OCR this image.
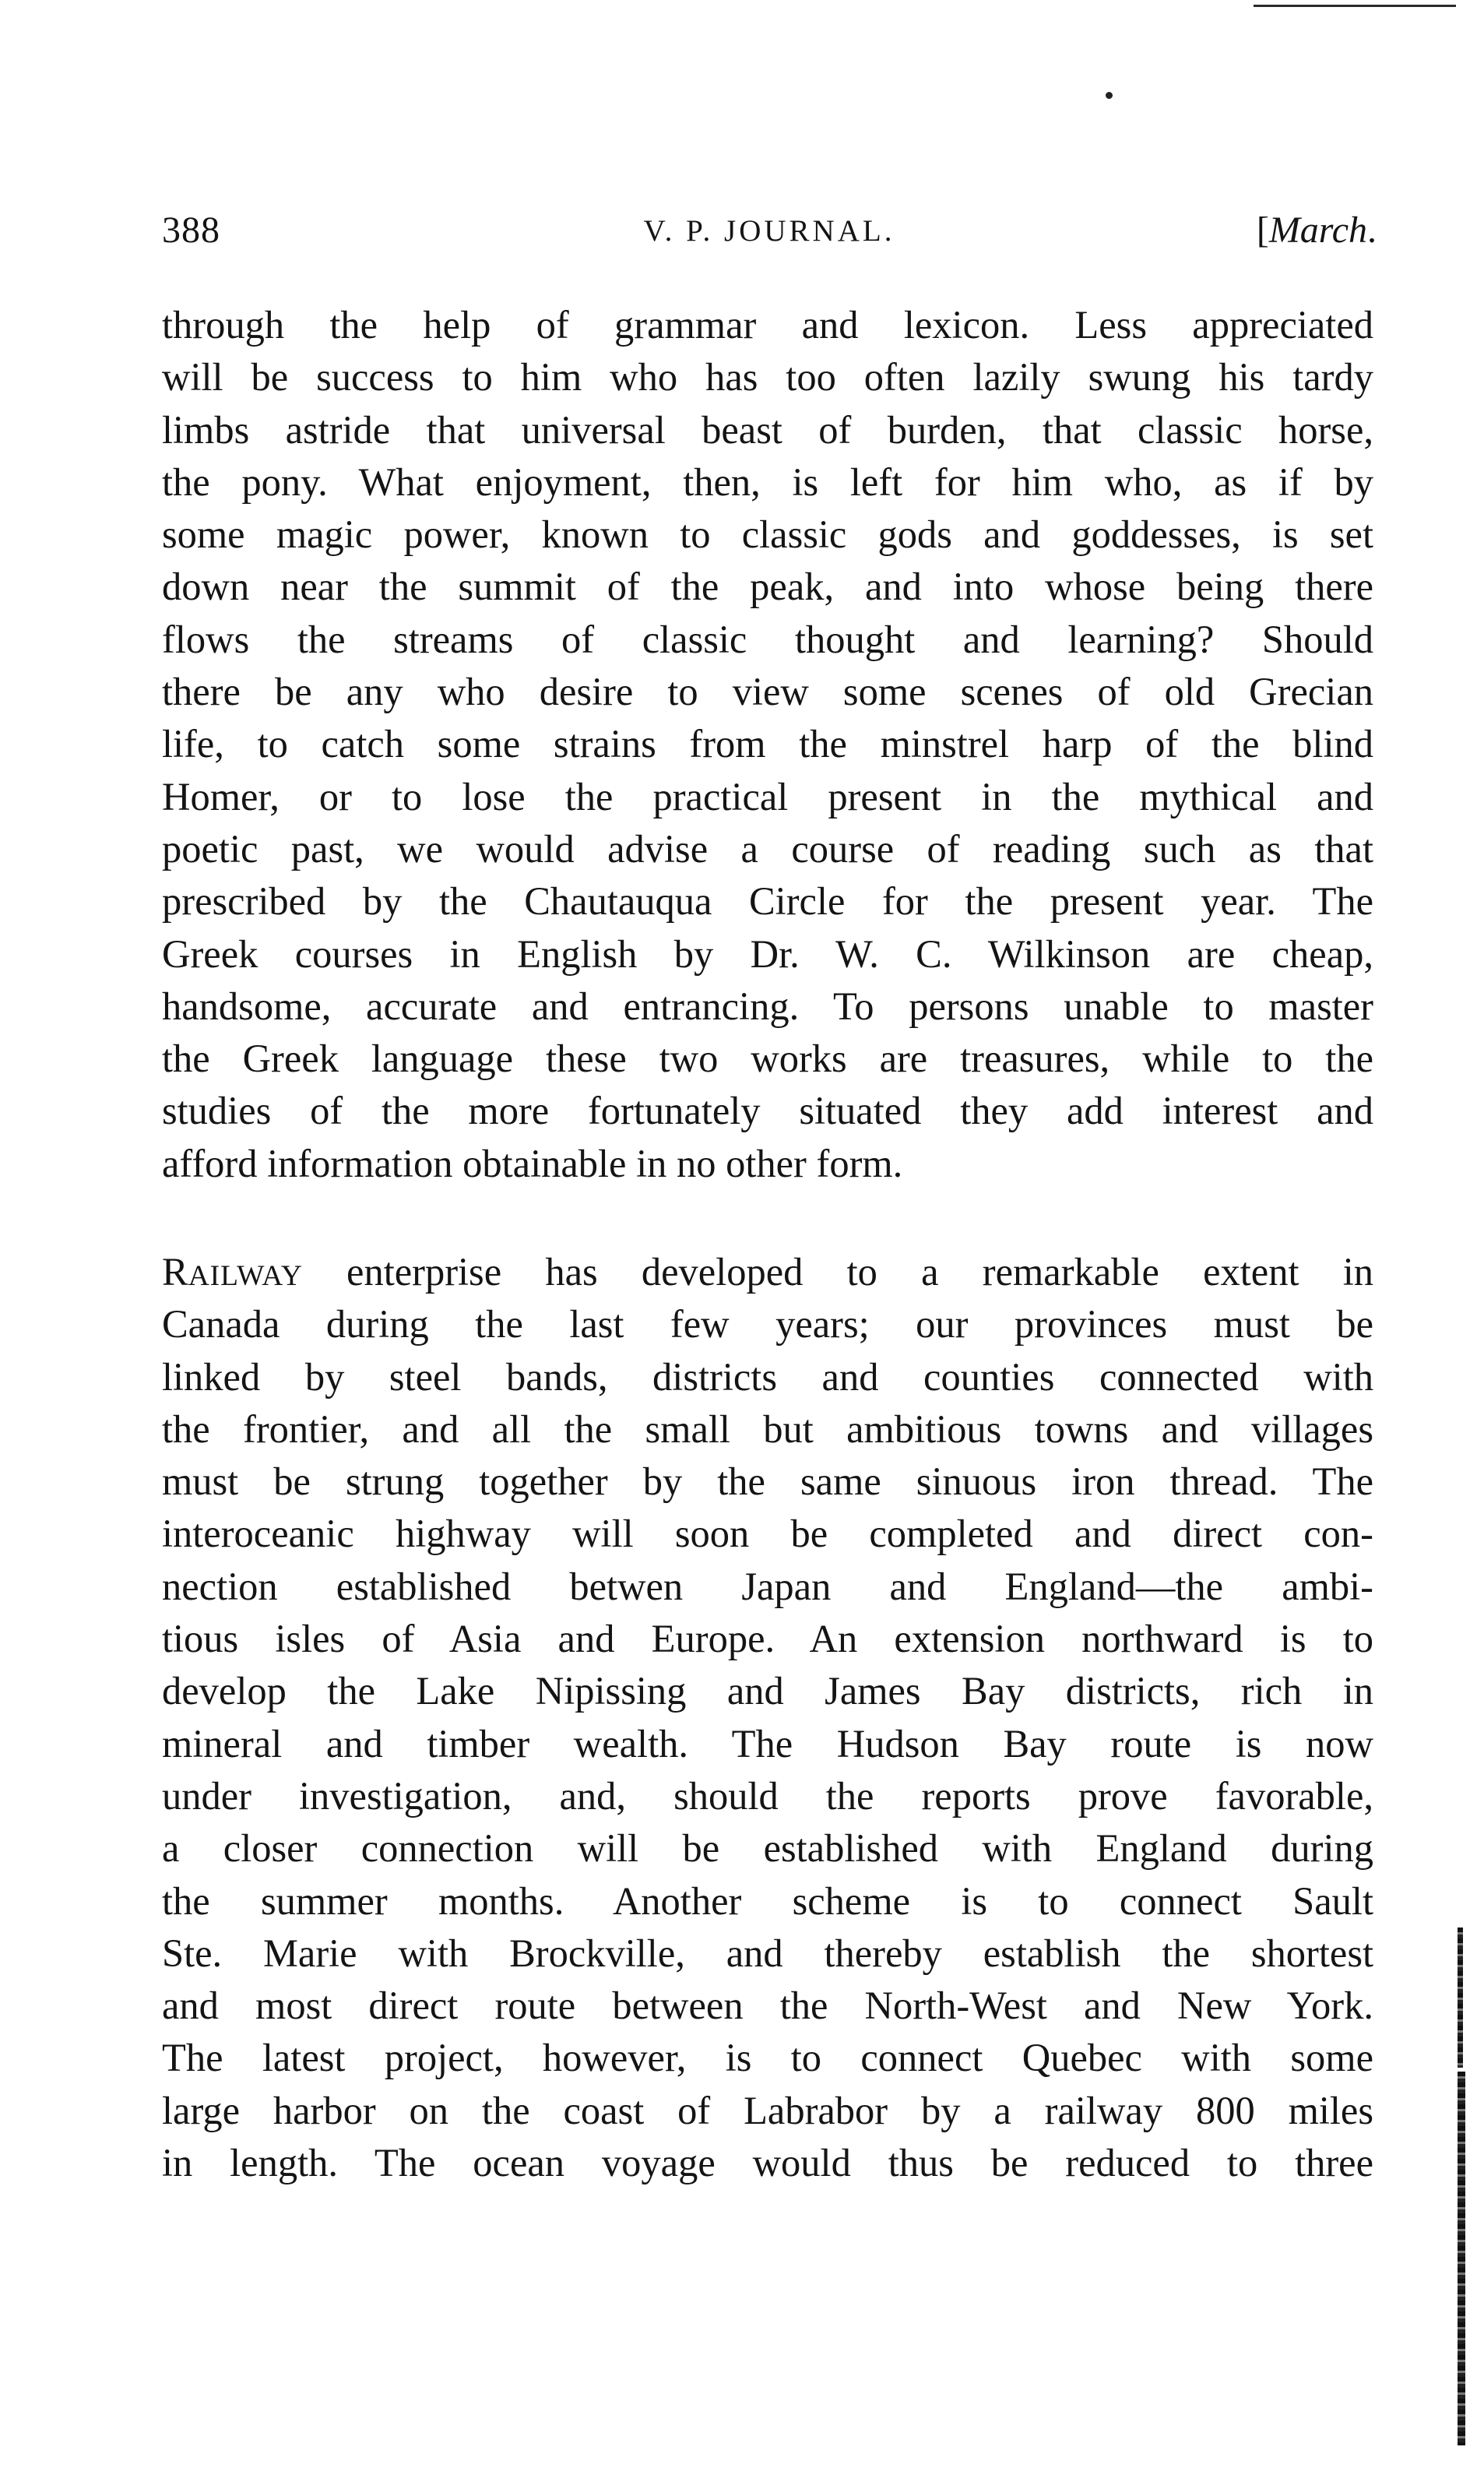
388	V. P. JOURNAL.	[March.
through the help of grammar and lexicon. Less appreciated
will be success to him who has too often lazily swung his tardy
limbs astride that universal beast of burden, that classic horse,
the pony. What enjoyment, then, is left for him who, as if by
some magic power, known to classic gods and goddesses, is set
down near the summit of the peak, and into whose being there
flows the streams of classic thought and learning? Should
there be any who desire to view some scenes of old Grecian
life, to catch some strains from the minstrel harp of the blind
Homer, or to lose the practical present in the mythical and
poetic past, we would advise a course of reading such as that
prescribed by the Chautauqua Circle for the present year. The
Greek courses in English by Dr. W. C. Wilkinson are cheap,
handsome, accurate and entrancing. To persons unable to master
the Greek language these two works are treasures, while to the
studies of the more fortunately situated they add interest and
afford information obtainable in no other form.
RAILWAY enterprise has developed to a remarkable extent in
Canada during the last few years; our provinces must be
linked by steel bands, districts and counties connected with
the frontier, and all the small but ambitious towns and villages
must be strung together by the same sinuous iron thread. The
interoceanic highway will soon be completed and direct con-
nection established betwen Japan and England—the ambi-
tious isles of Asia and Europe. An extension northward is to
develop the Lake Nipissing and James Bay districts, rich in
mineral and timber wealth. The Hudson Bay route is now
under investigation, and, should the reports prove favorable,
a closer connection will be established with England during
the summer months. Another scheme is to connect Sault
Ste. Marie with Brockville, and thereby establish the shortest
and most direct route between the North-West and New York.
The latest project, however, is to connect Quebec with some
large harbor on the coast of Labrabor by a railway 800 miles
in length. The ocean voyage would thus be reduced to three
